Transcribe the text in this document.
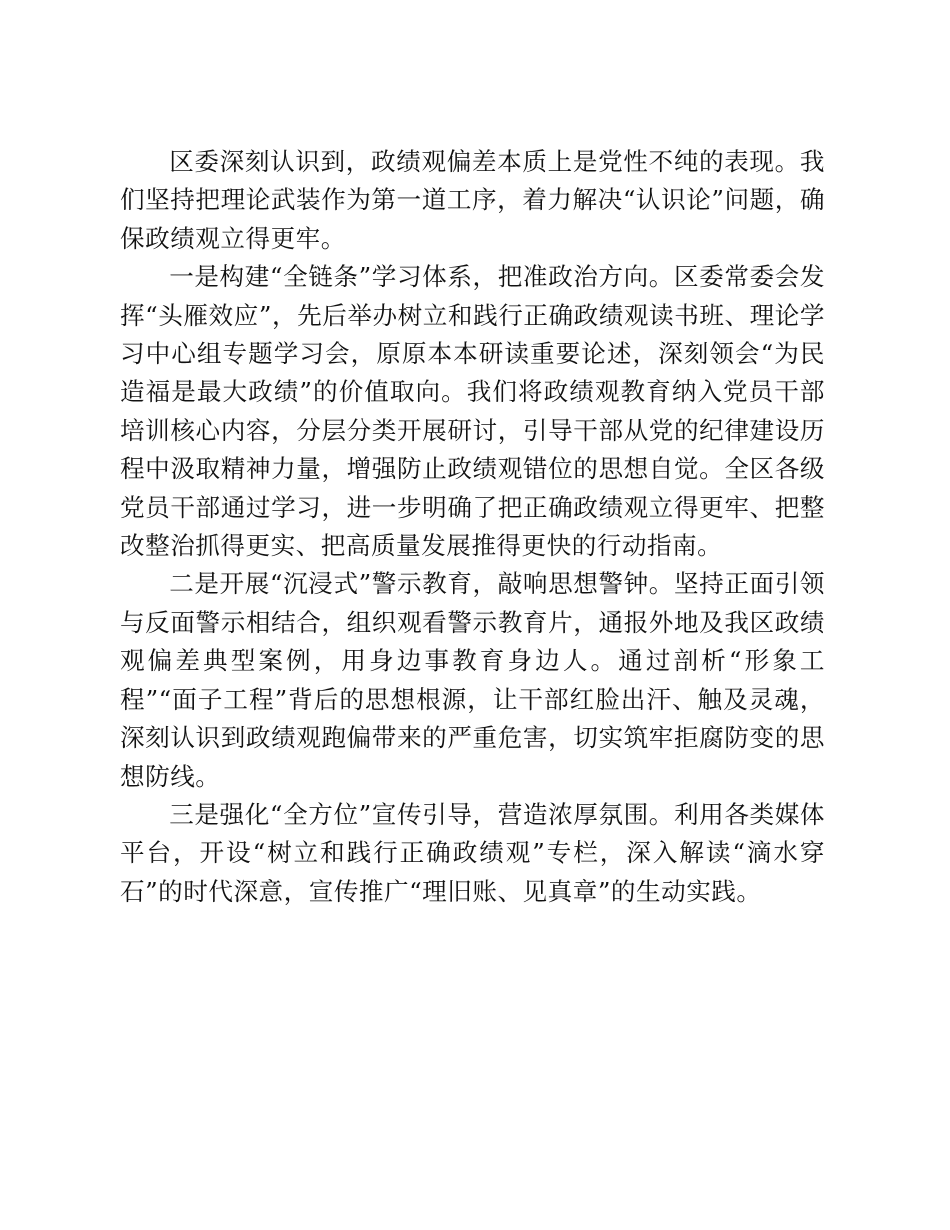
区委深刻认识到，政绩观偏差本质上是党性不纯的表现。我们坚持把理论武装作为第一道工序，着力解决“认识论”问题，确保政绩观立得更牢。

一是构建“全链条”学习体系，把准政治方向。区委常委会发挥“头雁效应”，先后举办树立和践行正确政绩观读书班、理论学习中心组专题学习会，原原本本研读重要论述，深刻领会“为民造福是最大政绩”的价值取向。我们将政绩观教育纳入党员干部培训核心内容，分层分类开展研讨，引导干部从党的纪律建设历程中汲取精神力量，增强防止政绩观错位的思想自觉。全区各级党员干部通过学习，进一步明确了把正确政绩观立得更牢、把整改整治抓得更实、把高质量发展推得更快的行动指南。

二是开展“沉浸式”警示教育，敲响思想警钟。坚持正面引领与反面警示相结合，组织观看警示教育片，通报外地及我区政绩观偏差典型案例，用身边事教育身边人。通过剖析“形象工程”“面子工程”背后的思想根源，让干部红脸出汗、触及灵魂，深刻认识到政绩观跑偏带来的严重危害，切实筑牢拒腐防变的思想防线。

三是强化“全方位”宣传引导，营造浓厚氛围。利用各类媒体平台，开设“树立和践行正确政绩观”专栏，深入解读“滴水穿石”的时代深意，宣传推广“理旧账、见真章”的生动实践。
